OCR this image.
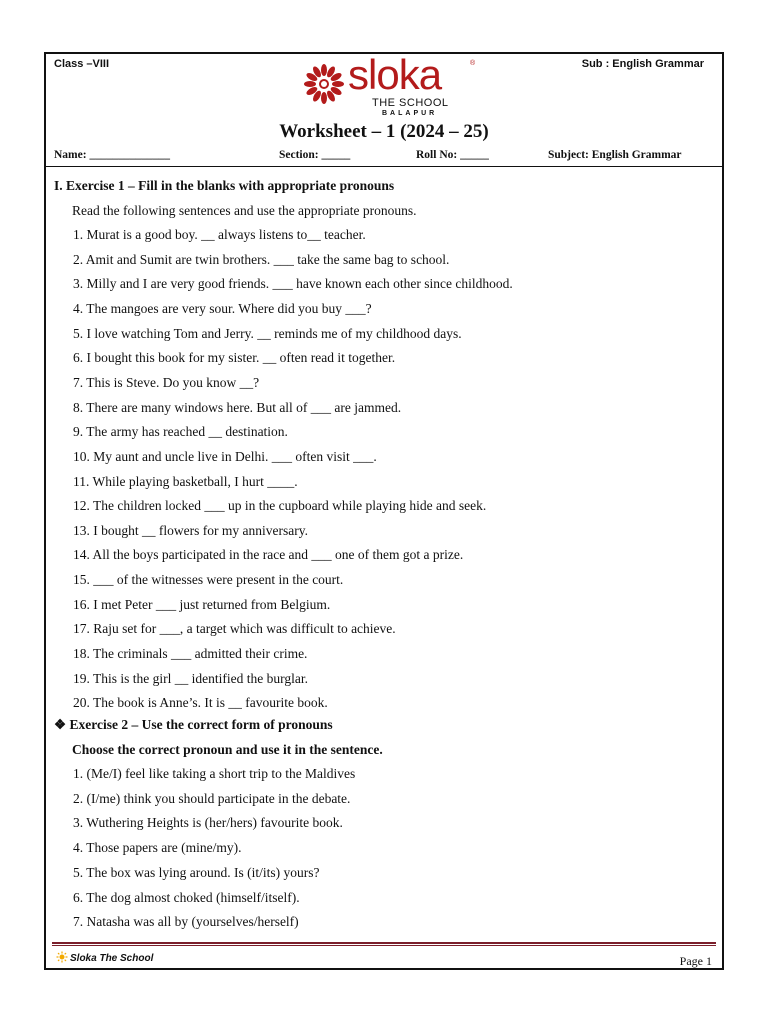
Class –VIII	Sub : English Grammar
sloka	®
THE SCHOOL
BALAPUR
Worksheet – 1 (2024 – 25)
Name: ______________	Section: _____	Roll No: _____	Subject: English Grammar
I. Exercise 1 – Fill in the blanks with appropriate pronouns
Read the following sentences and use the appropriate pronouns.
1. Murat is a good boy. __ always listens to__ teacher.
2. Amit and Sumit are twin brothers. ___ take the same bag to school.
3. Milly and I are very good friends. ___ have known each other since childhood.
4. The mangoes are very sour. Where did you buy ___?
5. I love watching Tom and Jerry. __ reminds me of my childhood days.
6. I bought this book for my sister. __ often read it together.
7. This is Steve. Do you know __?
8. There are many windows here. But all of ___ are jammed.
9. The army has reached __ destination.
10. My aunt and uncle live in Delhi. ___ often visit ___.
11. While playing basketball, I hurt ____.
12. The children locked ___ up in the cupboard while playing hide and seek.
13. I bought __ flowers for my anniversary.
14. All the boys participated in the race and ___ one of them got a prize.
15. ___ of the witnesses were present in the court.
16. I met Peter ___ just returned from Belgium.
17. Raju set for ___, a target which was difficult to achieve.
18. The criminals ___ admitted their crime.
19. This is the girl __ identified the burglar.
20. The book is Anne’s. It is __ favourite book.
❖ Exercise 2 – Use the correct form of pronouns
Choose the correct pronoun and use it in the sentence.
1. (Me/I) feel like taking a short trip to the Maldives
2. (I/me) think you should participate in the debate.
3. Wuthering Heights is (her/hers) favourite book.
4. Those papers are (mine/my).
5. The box was lying around. Is (it/its) yours?
6. The dog almost choked (himself/itself).
7. Natasha was all by (yourselves/herself)
Sloka The School	Page 1
